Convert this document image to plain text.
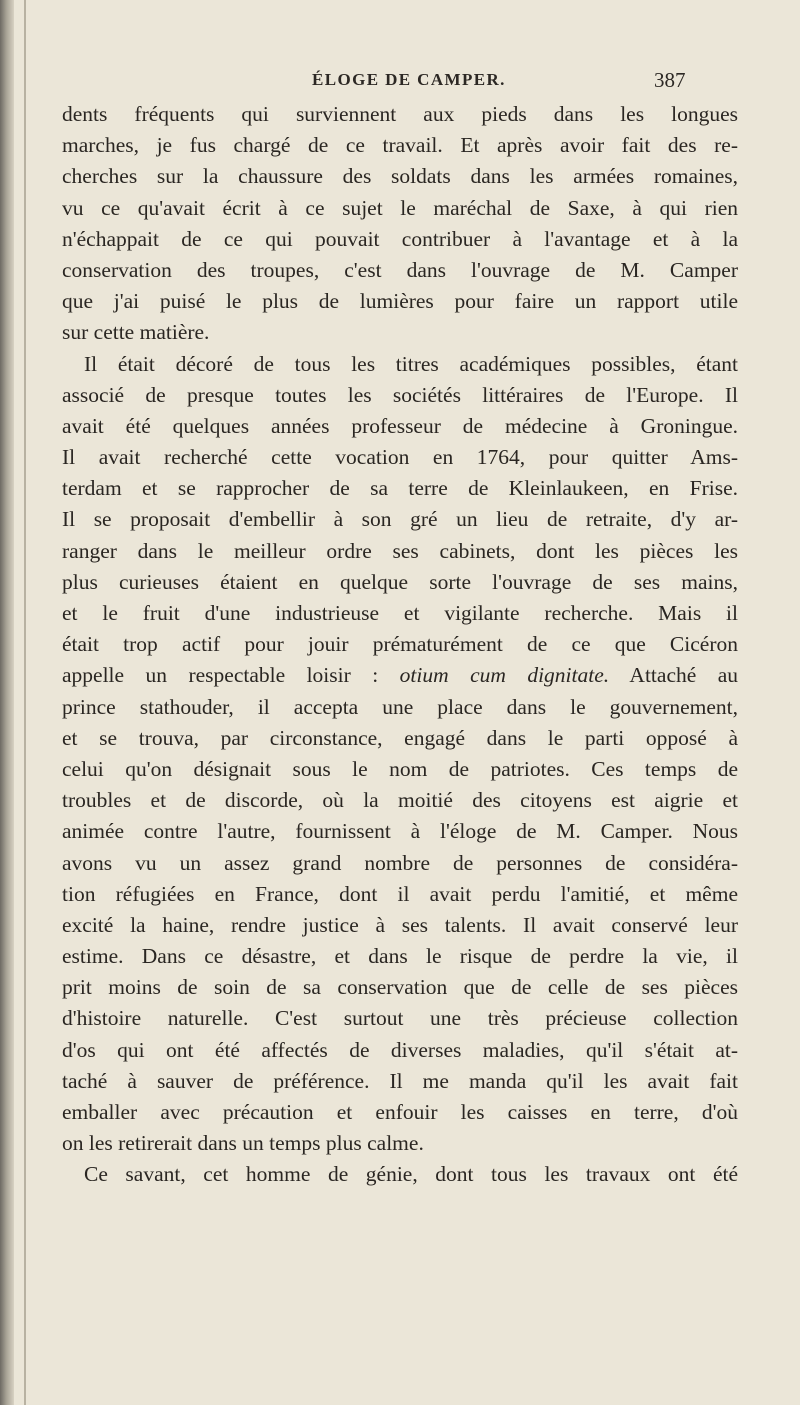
ÉLOGE DE CAMPER.	387
dents fréquents qui surviennent aux pieds dans les longues
marches, je fus chargé de ce travail. Et après avoir fait des re-
cherches sur la chaussure des soldats dans les armées romaines,
vu ce qu'avait écrit à ce sujet le maréchal de Saxe, à qui rien
n'échappait de ce qui pouvait contribuer à l'avantage et à la
conservation des troupes, c'est dans l'ouvrage de M. Camper
que j'ai puisé le plus de lumières pour faire un rapport utile
sur cette matière.
Il était décoré de tous les titres académiques possibles, étant
associé de presque toutes les sociétés littéraires de l'Europe. Il
avait été quelques années professeur de médecine à Groningue.
Il avait recherché cette vocation en 1764, pour quitter Ams-
terdam et se rapprocher de sa terre de Kleinlaukeen, en Frise.
Il se proposait d'embellir à son gré un lieu de retraite, d'y ar-
ranger dans le meilleur ordre ses cabinets, dont les pièces les
plus curieuses étaient en quelque sorte l'ouvrage de ses mains,
et le fruit d'une industrieuse et vigilante recherche. Mais il
était trop actif pour jouir prématurément de ce que Cicéron
appelle un respectable loisir : otium cum dignitate. Attaché au
prince stathouder, il accepta une place dans le gouvernement,
et se trouva, par circonstance, engagé dans le parti opposé à
celui qu'on désignait sous le nom de patriotes. Ces temps de
troubles et de discorde, où la moitié des citoyens est aigrie et
animée contre l'autre, fournissent à l'éloge de M. Camper. Nous
avons vu un assez grand nombre de personnes de considéra-
tion réfugiées en France, dont il avait perdu l'amitié, et même
excité la haine, rendre justice à ses talents. Il avait conservé leur
estime. Dans ce désastre, et dans le risque de perdre la vie, il
prit moins de soin de sa conservation que de celle de ses pièces
d'histoire naturelle. C'est surtout une très précieuse collection
d'os qui ont été affectés de diverses maladies, qu'il s'était at-
taché à sauver de préférence. Il me manda qu'il les avait fait
emballer avec précaution et enfouir les caisses en terre, d'où
on les retirerait dans un temps plus calme.
Ce savant, cet homme de génie, dont tous les travaux ont été
